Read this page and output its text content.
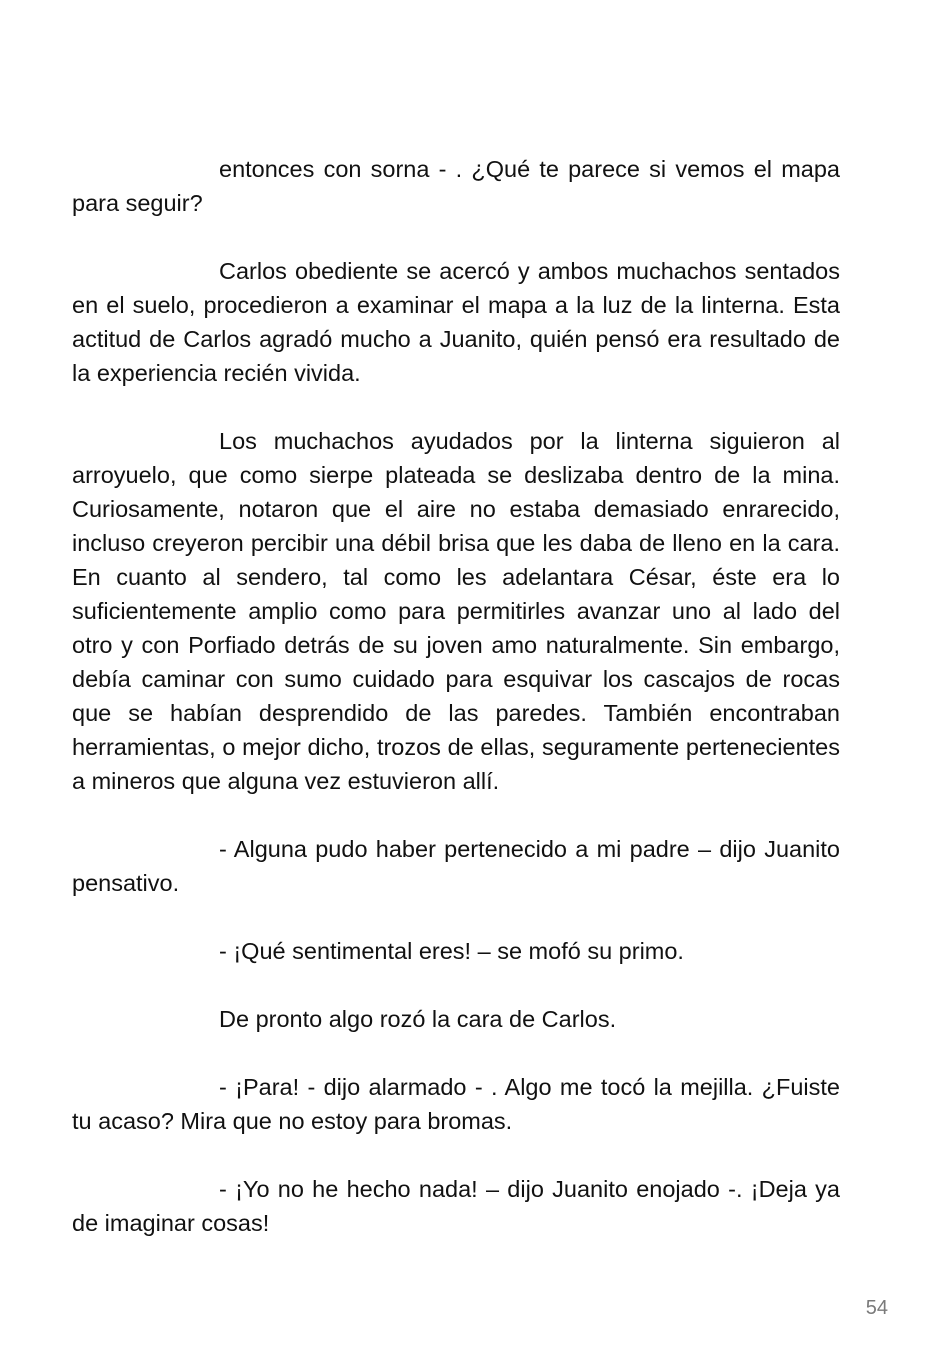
entonces con sorna - . ¿Qué te parece si vemos el mapa para seguir?

Carlos obediente se acercó y ambos muchachos sentados en el suelo, procedieron a examinar el mapa a la luz de la linterna. Esta actitud de Carlos agradó mucho a Juanito, quién pensó era resultado de la experiencia recién vivida.

Los muchachos ayudados por la linterna siguieron al arroyuelo, que como sierpe plateada se deslizaba dentro de la mina. Curiosamente, notaron que el aire no estaba demasiado enrarecido, incluso creyeron percibir una débil brisa que les daba de lleno en la cara. En cuanto al sendero, tal como les adelantara César, éste era lo suficientemente amplio como para permitirles avanzar uno al lado del otro y con Porfiado detrás de su joven amo naturalmente. Sin embargo, debía caminar con sumo cuidado para esquivar los cascajos de rocas que se habían desprendido de las paredes. También encontraban herramientas, o mejor dicho, trozos de ellas, seguramente pertenecientes a mineros que alguna vez estuvieron allí.

- Alguna pudo haber pertenecido a mi padre – dijo Juanito pensativo.

- ¡Qué sentimental eres! – se mofó su primo.

De pronto algo rozó la cara de Carlos.

- ¡Para! - dijo alarmado - . Algo me tocó la mejilla. ¿Fuiste tu acaso? Mira que no estoy para bromas.

- ¡Yo no he hecho nada! – dijo Juanito enojado -. ¡Deja ya de imaginar cosas!

54
